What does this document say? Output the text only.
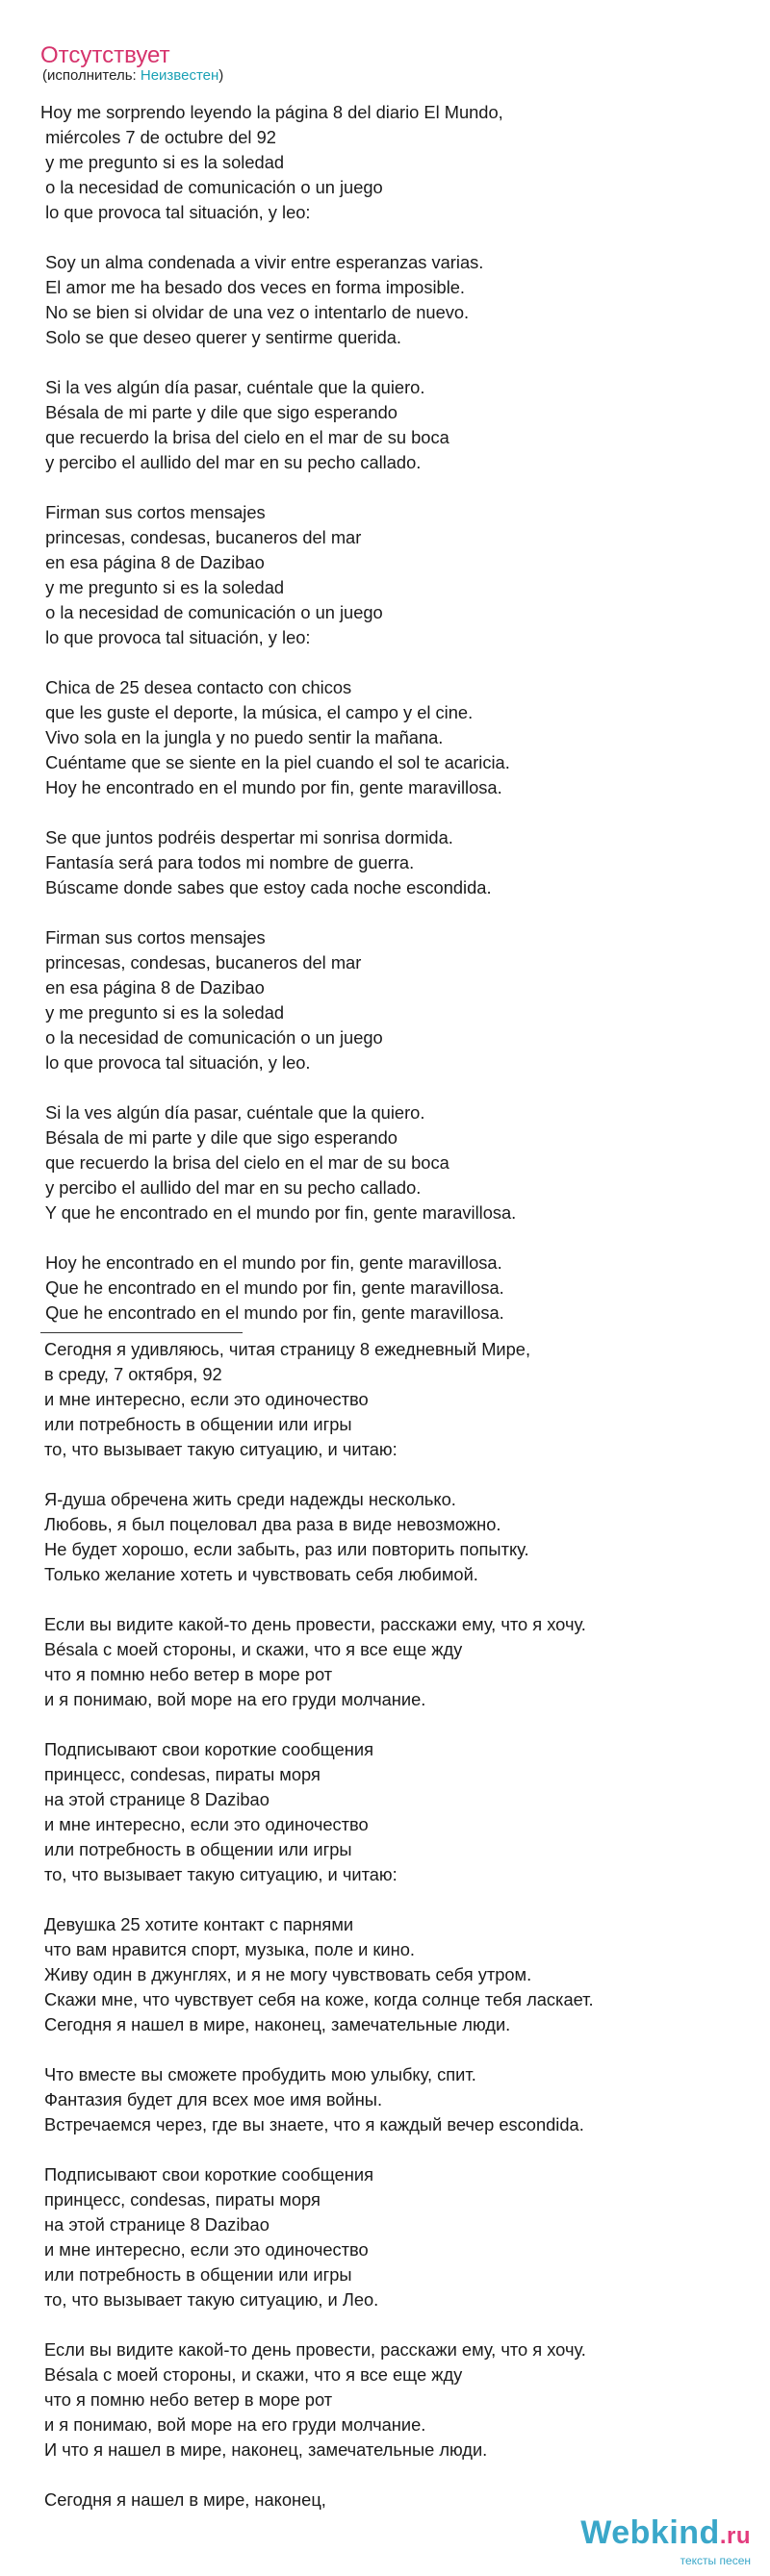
Отсутствует
(исполнитель: Неизвестен)
Hoy me sorprendo leyendo la página 8 del diario El Mundo,
miércoles 7 de octubre del 92
y me pregunto si es la soledad
o la necesidad de comunicación o un juego
lo que provoca tal situación, y leo:
Soy un alma condenada a vivir entre esperanzas varias.
El amor me ha besado dos veces en forma imposible.
No se bien si olvidar de una vez o intentarlo de nuevo.
Solo se que deseo querer y sentirme querida.
Si la ves algún día pasar, cuéntale que la quiero.
Bésala de mi parte y dile que sigo esperando
que recuerdo la brisa del cielo en el mar de su boca
y percibo el aullido del mar en su pecho callado.
Firman sus cortos mensajes
princesas, condesas, bucaneros del mar
en esa página 8 de Dazibao
y me pregunto si es la soledad
o la necesidad de comunicación o un juego
lo que provoca tal situación, y leo:
Chica de 25 desea contacto con chicos
que les guste el deporte, la música, el campo y el cine.
Vivo sola en la jungla y no puedo sentir la mañana.
Cuéntame que se siente en la piel cuando el sol te acaricia.
Hoy he encontrado en el mundo por fin, gente maravillosa.
Se que juntos podréis despertar mi sonrisa dormida.
Fantasía será para todos mi nombre de guerra.
Búscame donde sabes que estoy cada noche escondida.
Firman sus cortos mensajes
princesas, condesas, bucaneros del mar
en esa página 8 de Dazibao
y me pregunto si es la soledad
o la necesidad de comunicación o un juego
lo que provoca tal situación, y leo.
Si la ves algún día pasar, cuéntale que la quiero.
Bésala de mi parte y dile que sigo esperando
que recuerdo la brisa del cielo en el mar de su boca
y percibo el aullido del mar en su pecho callado.
Y que he encontrado en el mundo por fin, gente maravillosa.
Hoy he encontrado en el mundo por fin, gente maravillosa.
Que he encontrado en el mundo por fin, gente maravillosa.
Que he encontrado en el mundo por fin, gente maravillosa.
Сегодня я удивляюсь, читая страницу 8 ежедневный Мире,
в среду, 7 октября, 92
и мне интересно, если это одиночество
или потребность в общении или игры
то, что вызывает такую ситуацию, и читаю:
Я-душа обречена жить среди надежды несколько.
Любовь, я был поцеловал два раза в виде невозможно.
Не будет хорошо, если забыть, раз или повторить попытку.
Только желание хотеть и чувствовать себя любимой.
Если вы видите какой-то день провести, расскажи ему, что я хочу.
Bésala с моей стороны, и скажи, что я все еще жду
что я помню небо ветер в море рот
и я понимаю, вой море на его груди молчание.
Подписывают свои короткие сообщения
принцесс, condesas, пираты моря
на этой странице 8 Dazibao
и мне интересно, если это одиночество
или потребность в общении или игры
то, что вызывает такую ситуацию, и читаю:
Девушка 25 хотите контакт с парнями
что вам нравится спорт, музыка, поле и кино.
Живу один в джунглях, и я не могу чувствовать себя утром.
Скажи мне, что чувствует себя на коже, когда солнце тебя ласкает.
Сегодня я нашел в мире, наконец, замечательные люди.
Что вместе вы сможете пробудить мою улыбку, спит.
Фантазия будет для всех мое имя войны.
Встречаемся через, где вы знаете, что я каждый вечер escondida.
Подписывают свои короткие сообщения
принцесс, condesas, пираты моря
на этой странице 8 Dazibao
и мне интересно, если это одиночество
или потребность в общении или игры
то, что вызывает такую ситуацию, и Лео.
Если вы видите какой-то день провести, расскажи ему, что я хочу.
Bésala с моей стороны, и скажи, что я все еще жду
что я помню небо ветер в море рот
и я понимаю, вой море на его груди молчание.
И что я нашел в мире, наконец, замечательные люди.
Сегодня я нашел в мире, наконец,
Webkind.ru
тексты песен
